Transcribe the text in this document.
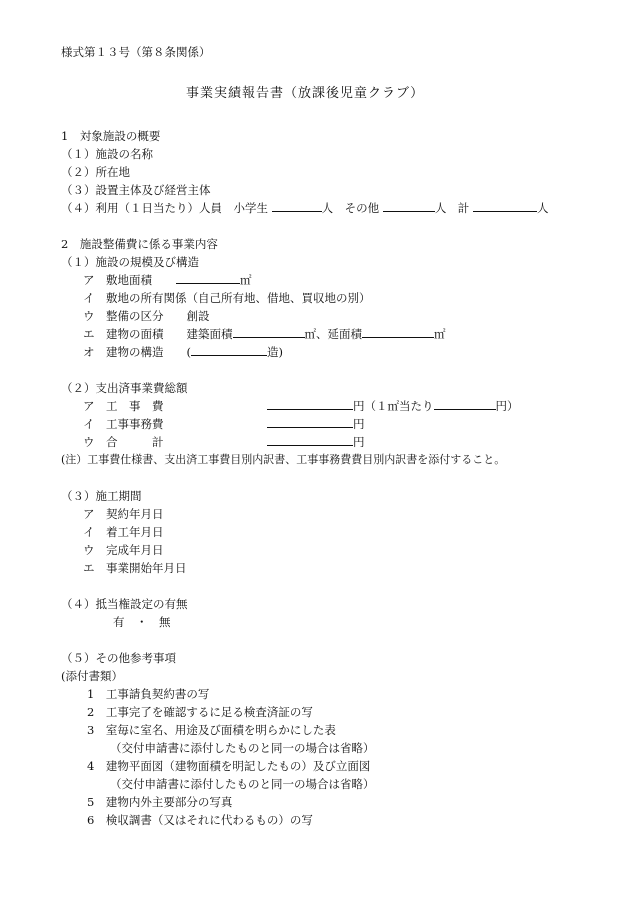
様式第１３号（第８条関係）
事業実績報告書（放課後児童クラブ）
1　対象施設の概要
（１）施設の名称
（２）所在地
（３）設置主体及び経営主体
（４）利用（１日当たり）人員　小学生	人　その他	人　計	人
2　施設整備費に係る事業内容
（１）施設の規模及び構造
ア　敷地面積	㎡
イ　敷地の所有関係（自己所有地、借地、買収地の別）
ウ　整備の区分　　創設
エ　建物の面積　　建築面積	㎡、延面積	㎡
オ　建物の構造　　(	造)
（２）支出済事業費総額
ア　工　事　費	円（１㎡当たり	円）
イ　工事事務費	円
ウ　合　　　計	円
(注）工事費仕様書、支出済工事費目別内訳書、工事事務費費目別内訳書を添付すること。
（３）施工期間
ア　契約年月日
イ　着工年月日
ウ　完成年月日
エ　事業開始年月日
（４）抵当権設定の有無
有　・　無
（５）その他参考事項
(添付書類）
1　工事請負契約書の写
2　工事完了を確認するに足る検査済証の写
3　室毎に室名、用途及び面積を明らかにした表
（交付申請書に添付したものと同一の場合は省略）
4　建物平面図（建物面積を明記したもの）及び立面図
（交付申請書に添付したものと同一の場合は省略）
5　建物内外主要部分の写真
6　検収調書（又はそれに代わるもの）の写
